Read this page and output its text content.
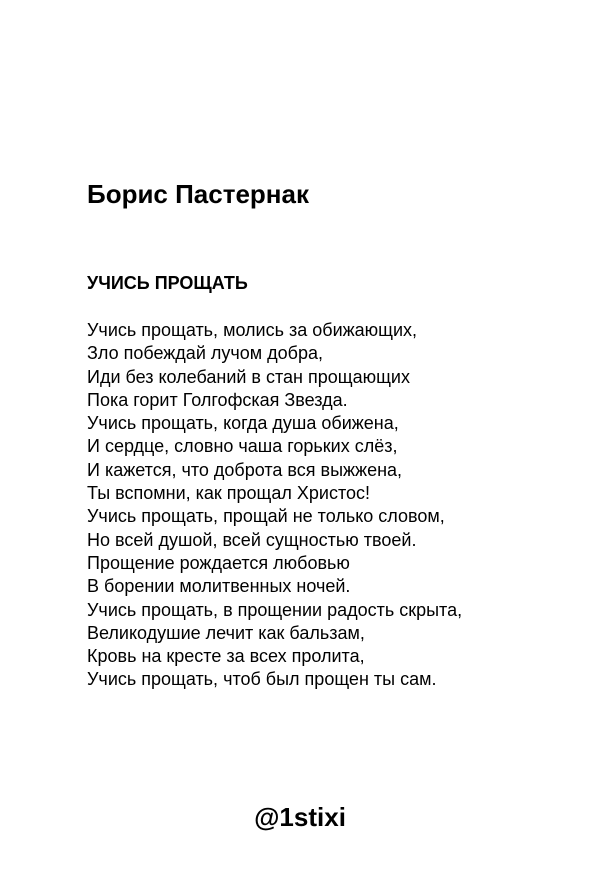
Борис Пастернак
УЧИСЬ ПРОЩАТЬ
Учись прощать, молись за обижающих,
Зло побеждай лучом добра,
Иди без колебаний в стан прощающих
Пока горит Голгофская Звезда.
Учись прощать, когда душа обижена,
И сердце, словно чаша горьких слёз,
И кажется, что доброта вся выжжена,
Ты вспомни, как прощал Христос!
Учись прощать, прощай не только словом,
Но всей душой, всей сущностью твоей.
Прощение рождается любовью
В борении молитвенных ночей.
Учись прощать, в прощении радость скрыта,
Великодушие лечит как бальзам,
Кровь на кресте за всех пролита,
Учись прощать, чтоб был прощен ты сам.
@1stixi
